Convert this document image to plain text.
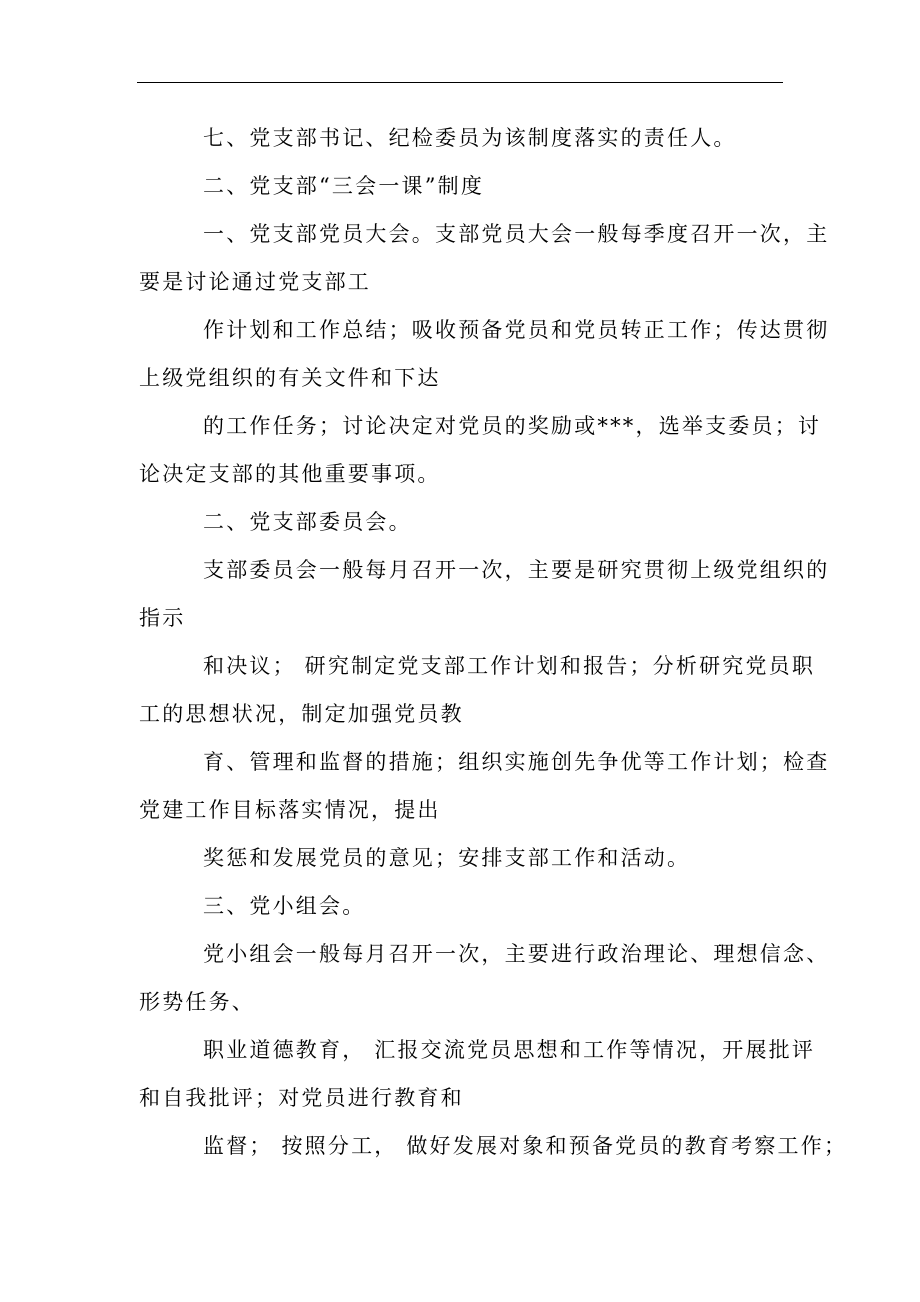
七、党支部书记、纪检委员为该制度落实的责任人。
二、党支部“三会一课”制度
一、党支部党员大会。支部党员大会一般每季度召开一次，主
要是讨论通过党支部工
作计划和工作总结；吸收预备党员和党员转正工作；传达贯彻
上级党组织的有关文件和下达
的工作任务；讨论决定对党员的奖励或***，选举支委员；讨
论决定支部的其他重要事项。
二、党支部委员会。
支部委员会一般每月召开一次，主要是研究贯彻上级党组织的
指示
和决议； 研究制定党支部工作计划和报告；分析研究党员职
工的思想状况，制定加强党员教
育、管理和监督的措施；组织实施创先争优等工作计划；检查
党建工作目标落实情况，提出
奖惩和发展党员的意见；安排支部工作和活动。
三、党小组会。
党小组会一般每月召开一次，主要进行政治理论、理想信念、
形势任务、
职业道德教育， 汇报交流党员思想和工作等情况，开展批评
和自我批评；对党员进行教育和
监督； 按照分工， 做好发展对象和预备党员的教育考察工作；
